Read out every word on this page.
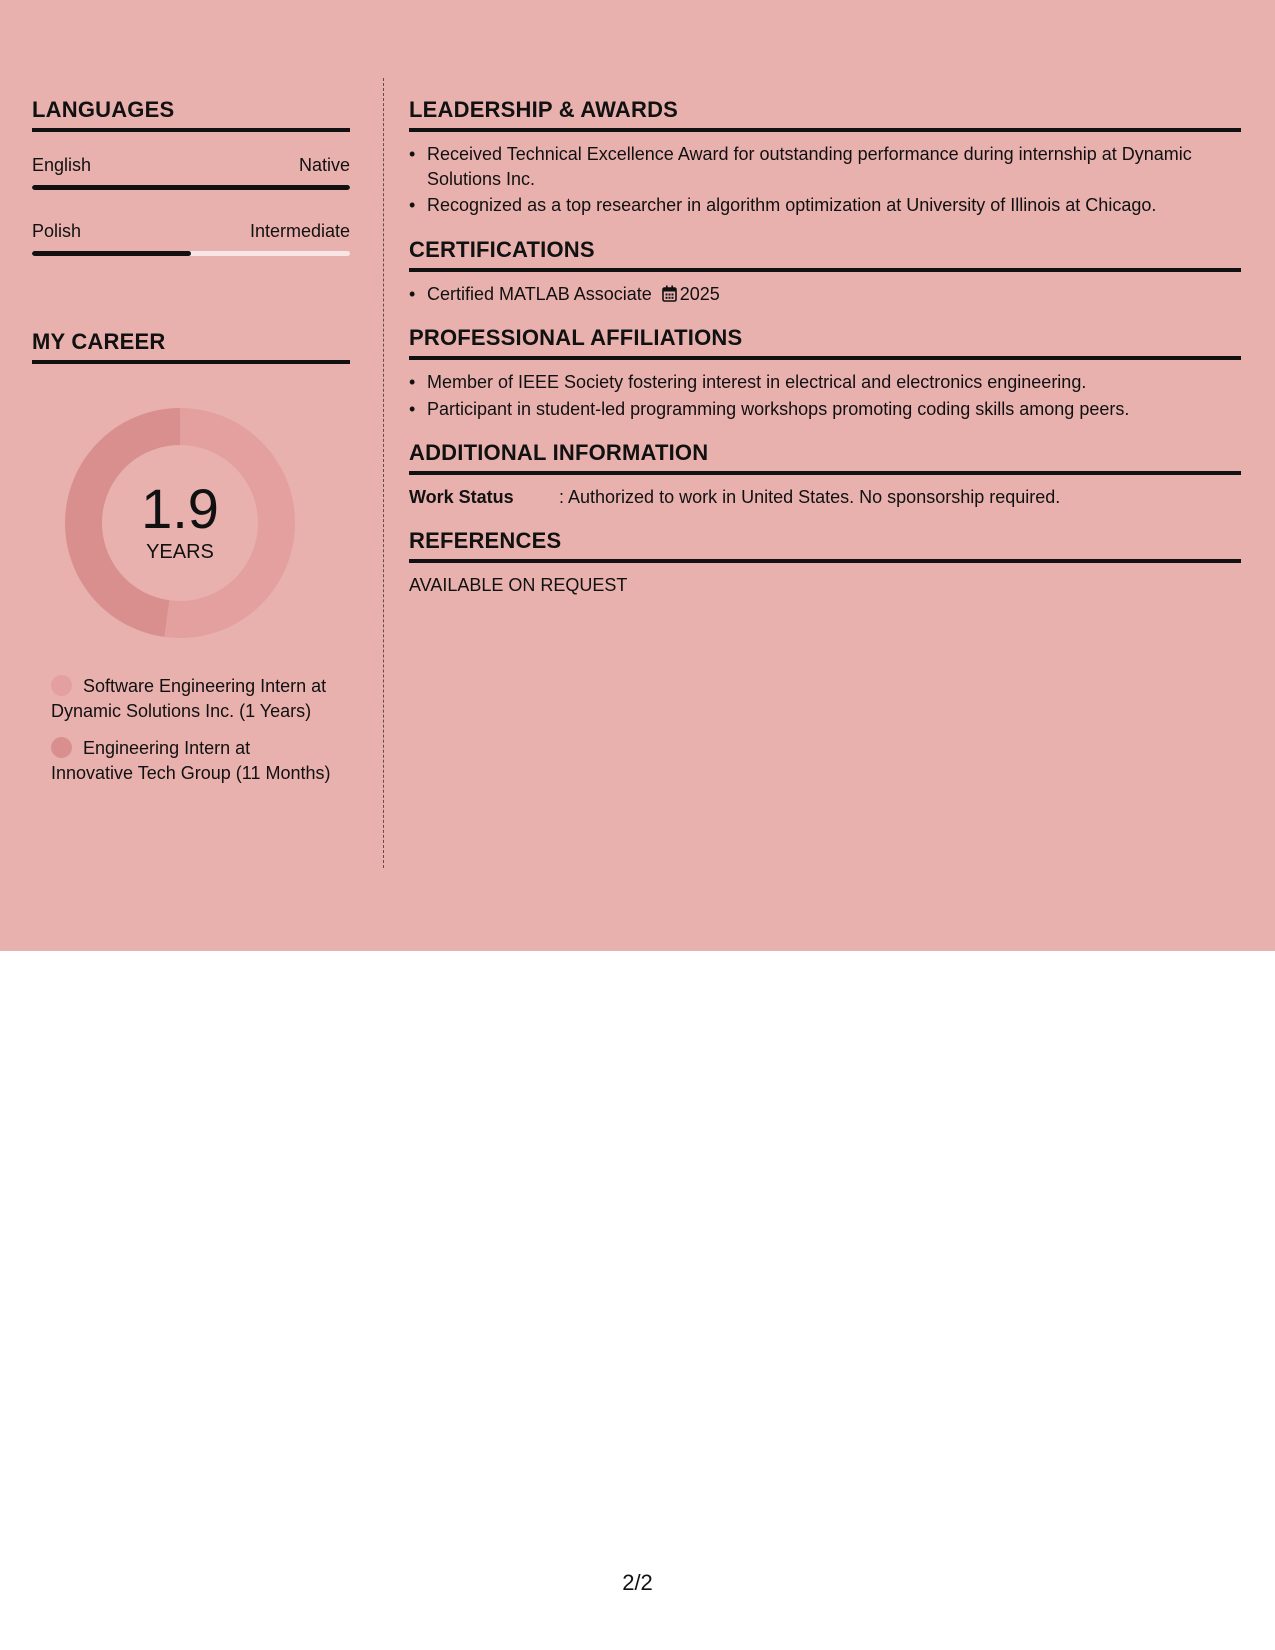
LANGUAGES
English	Native
Polish	Intermediate
MY CAREER
1.9
YEARS
Software Engineering Intern at Dynamic Solutions Inc. (1 Years)
Engineering Intern at Innovative Tech Group (11 Months)
LEADERSHIP & AWARDS
• Received Technical Excellence Award for outstanding performance during internship at Dynamic Solutions Inc.
• Recognized as a top researcher in algorithm optimization at University of Illinois at Chicago.
CERTIFICATIONS
• Certified MATLAB Associate 2025
PROFESSIONAL AFFILIATIONS
• Member of IEEE Society fostering interest in electrical and electronics engineering.
• Participant in student-led programming workshops promoting coding skills among peers.
ADDITIONAL INFORMATION
Work Status	: Authorized to work in United States. No sponsorship required.
REFERENCES
AVAILABLE ON REQUEST
2/2
